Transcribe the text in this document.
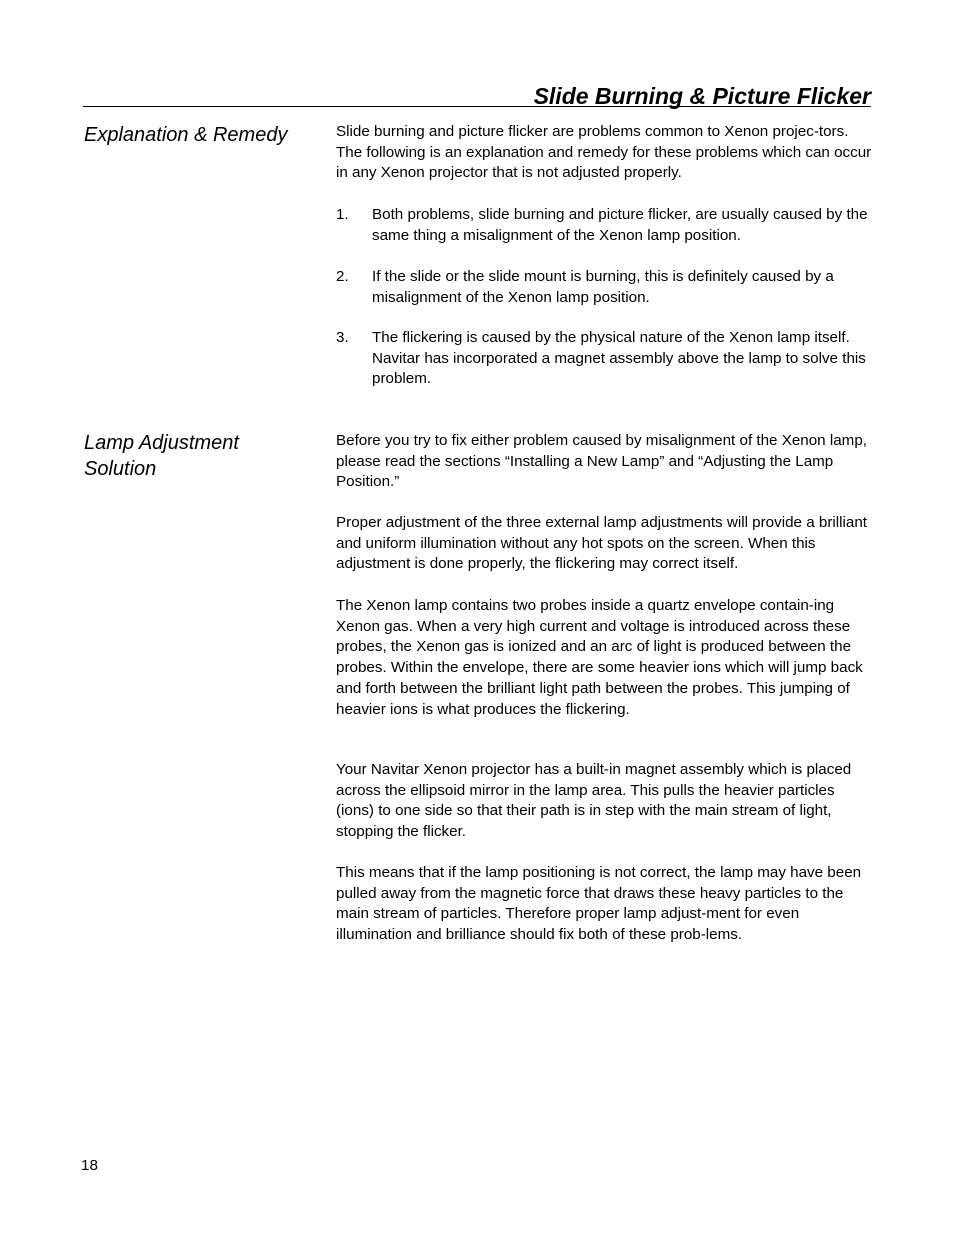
Slide Burning & Picture Flicker
Explanation & Remedy	Slide burning and picture flicker are problems common to Xenon projec-tors. The following is an explanation and remedy for these problems which can occur in any Xenon projector that is not adjusted properly.

1. Both problems, slide burning and picture flicker, are usually caused by the same thing a misalignment of the Xenon lamp position.
2. If the slide or the slide mount is burning, this is definitely caused by a misalignment of the Xenon lamp position.
3. The flickering is caused by the physical nature of the Xenon lamp itself. Navitar has incorporated a magnet assembly above the lamp to solve this problem.
Lamp Adjustment
Solution

Before you try to fix either problem caused by misalignment of the Xenon lamp, please read the sections “Installing a New Lamp” and “Adjusting the Lamp Position.”

Proper adjustment of the three external lamp adjustments will provide a brilliant and uniform illumination without any hot spots on the screen. When this adjustment is done properly, the flickering may correct itself.

The Xenon lamp contains two probes inside a quartz envelope contain-ing Xenon gas. When a very high current and voltage is introduced across these probes, the Xenon gas is ionized and an arc of light is produced between the probes. Within the envelope, there are some heavier ions which will jump back and forth between the brilliant light path between the probes. This jumping of heavier ions is what produces the flickering.

Your Navitar Xenon projector has a built-in magnet assembly which is placed across the ellipsoid mirror in the lamp area. This pulls the heavier particles (ions) to one side so that their path is in step with the main stream of light, stopping the flicker.

This means that if the lamp positioning is not correct, the lamp may have been pulled away from the magnetic force that draws these heavy particles to the main stream of particles. Therefore proper lamp adjust-ment for even illumination and brilliance should fix both of these prob-lems.

18
